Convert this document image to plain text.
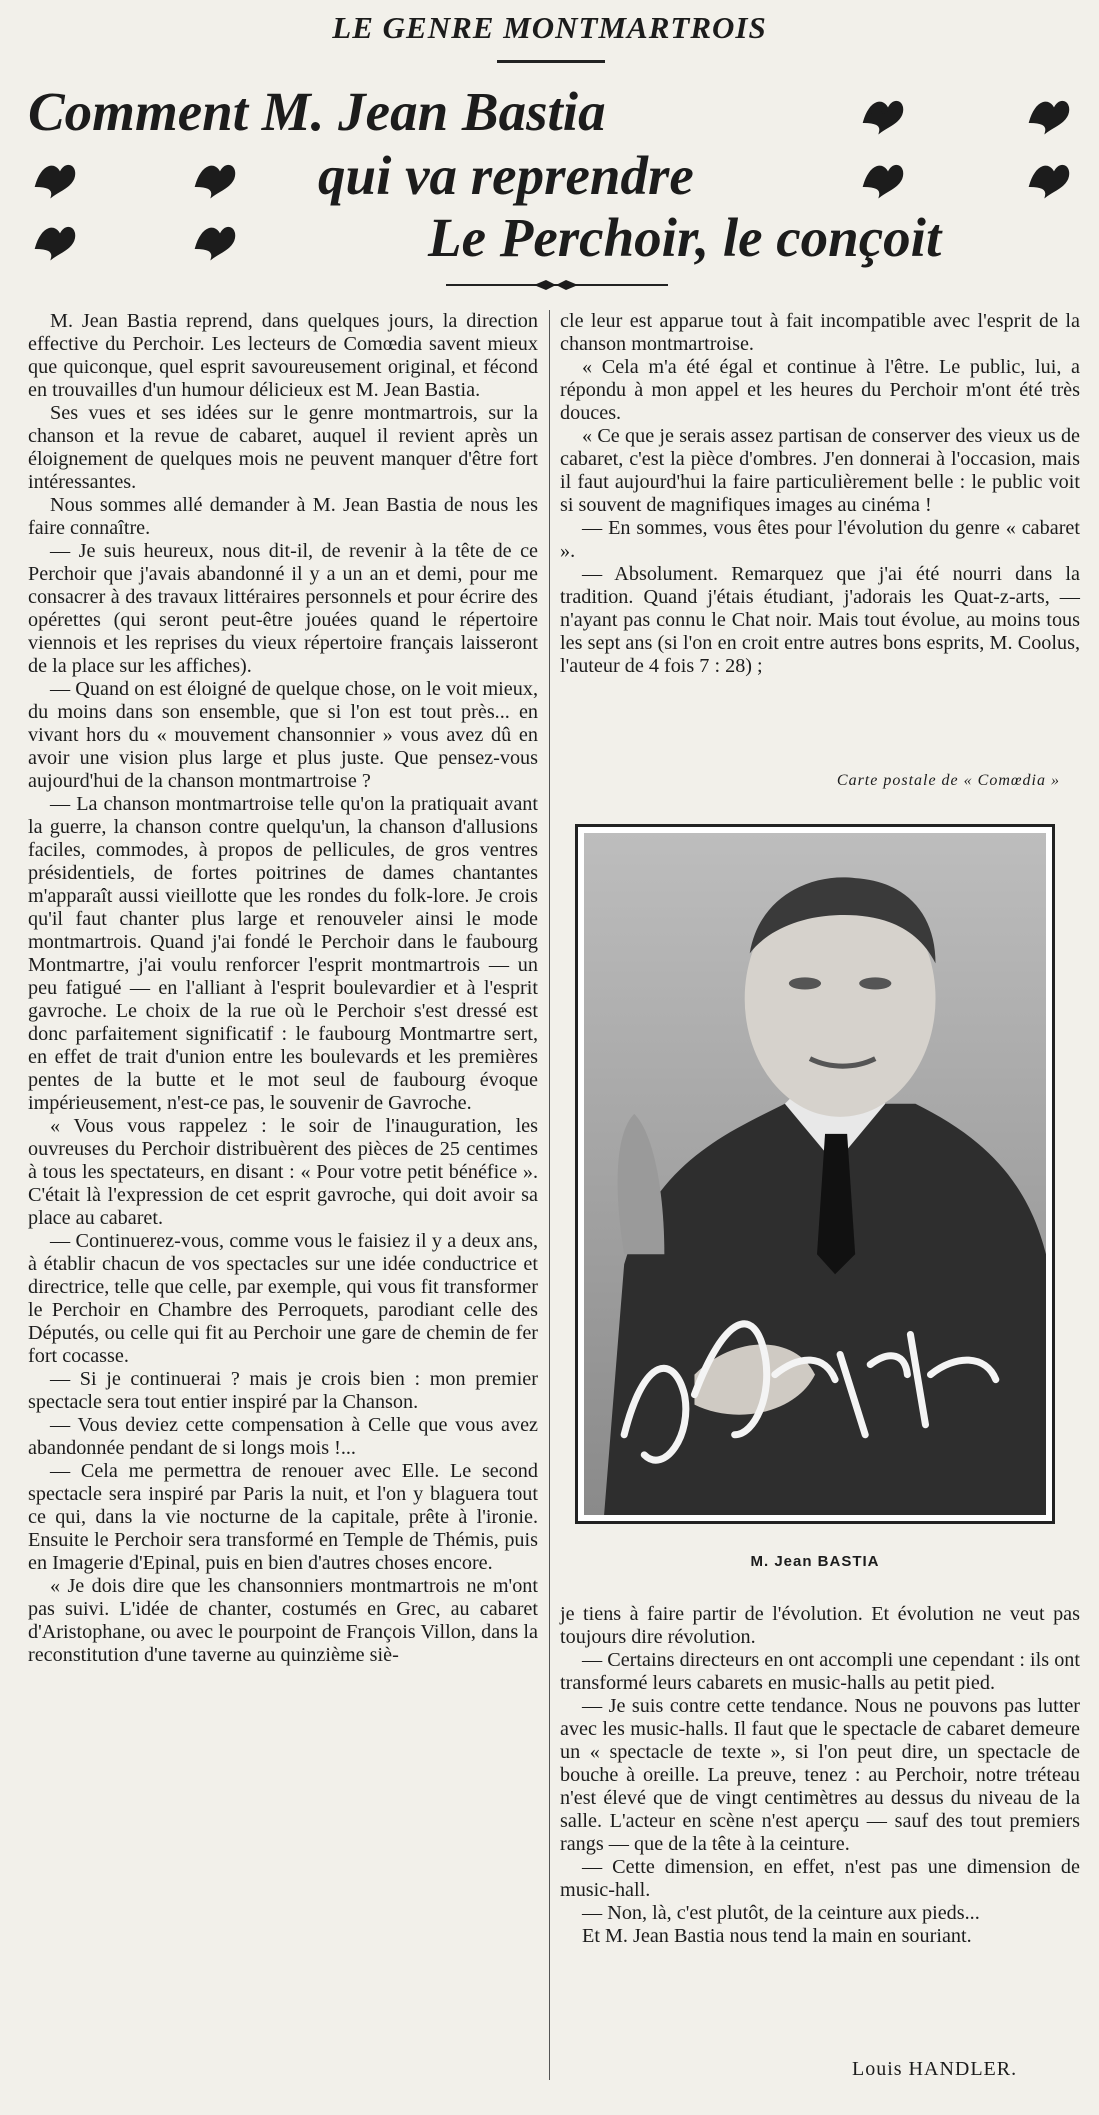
LE GENRE MONTMARTROIS
Comment M. Jean Bastia
qui va reprendre
Le Perchoir, le conçoit

M. Jean Bastia reprend, dans quelques jours, la direction effective du Perchoir. Les lecteurs de Comœdia savent mieux que quiconque, quel esprit savoureusement original, et fécond en trouvailles d'un humour délicieux est M. Jean Bastia.

Ses vues et ses idées sur le genre montmartrois, sur la chanson et la revue de cabaret, auquel il revient après un éloignement de quelques mois ne peuvent manquer d'être fort intéressantes.

Nous sommes allé demander à M. Jean Bastia de nous les faire connaître.

— Je suis heureux, nous dit-il, de revenir à la tête de ce Perchoir que j'avais abandonné il y a un an et demi, pour me consacrer à des travaux littéraires personnels et pour écrire des opérettes (qui seront peut-être jouées quand le répertoire viennois et les reprises du vieux répertoire français laisseront de la place sur les affiches).

— Quand on est éloigné de quelque chose, on le voit mieux, du moins dans son ensemble, que si l'on est tout près... en vivant hors du « mouvement chansonnier » vous avez dû en avoir une vision plus large et plus juste. Que pensez-vous aujourd'hui de la chanson montmartroise ?

— La chanson montmartroise telle qu'on la pratiquait avant la guerre, la chanson contre quelqu'un, la chanson d'allusions faciles, commodes, à propos de pellicules, de gros ventres présidentiels, de fortes poitrines de dames chantantes m'apparaît aussi vieillotte que les rondes du folk-lore. Je crois qu'il faut chanter plus large et renouveler ainsi le mode montmartrois. Quand j'ai fondé le Perchoir dans le faubourg Montmartre, j'ai voulu renforcer l'esprit montmartrois — un peu fatigué — en l'alliant à l'esprit boulevardier et à l'esprit gavroche. Le choix de la rue où le Perchoir s'est dressé est donc parfaitement significatif : le faubourg Montmartre sert, en effet de trait d'union entre les boulevards et les premières pentes de la butte et le mot seul de faubourg évoque impérieusement, n'est-ce pas, le souvenir de Gavroche.

« Vous vous rappelez : le soir de l'inauguration, les ouvreuses du Perchoir distribuèrent des pièces de 25 centimes à tous les spectateurs, en disant : « Pour votre petit bénéfice ». C'était là l'expression de cet esprit gavroche, qui doit avoir sa place au cabaret.

— Continuerez-vous, comme vous le faisiez il y a deux ans, à établir chacun de vos spectacles sur une idée conductrice et directrice, telle que celle, par exemple, qui vous fit transformer le Perchoir en Chambre des Perroquets, parodiant celle des Députés, ou celle qui fit au Perchoir une gare de chemin de fer fort cocasse.

— Si je continuerai ? mais je crois bien : mon premier spectacle sera tout entier inspiré par la Chanson.

— Vous deviez cette compensation à Celle que vous avez abandonnée pendant de si longs mois !...

— Cela me permettra de renouer avec Elle. Le second spectacle sera inspiré par Paris la nuit, et l'on y blaguera tout ce qui, dans la vie nocturne de la capitale, prête à l'ironie. Ensuite le Perchoir sera transformé en Temple de Thémis, puis en Imagerie d'Epinal, puis en bien d'autres choses encore.

« Je dois dire que les chansonniers montmartrois ne m'ont pas suivi. L'idée de chanter, costumés en Grec, au cabaret d'Aristophane, ou avec le pourpoint de François Villon, dans la reconstitution d'une taverne au quinzième siè-

cle leur est apparue tout à fait incompatible avec l'esprit de la chanson montmartroise.

« Cela m'a été égal et continue à l'être. Le public, lui, a répondu à mon appel et les heures du Perchoir m'ont été très douces.

« Ce que je serais assez partisan de conserver des vieux us de cabaret, c'est la pièce d'ombres. J'en donnerai à l'occasion, mais il faut aujourd'hui la faire particulièrement belle : le public voit si souvent de magnifiques images au cinéma !

— En sommes, vous êtes pour l'évolution du genre « cabaret ».

— Absolument. Remarquez que j'ai été nourri dans la tradition. Quand j'étais étudiant, j'adorais les Quat-z-arts, — n'ayant pas connu le Chat noir. Mais tout évolue, au moins tous les sept ans (si l'on en croit entre autres bons esprits, M. Coolus, l'auteur de 4 fois 7 : 28) ;

Carte postale de « Comœdia »
M. Jean BASTIA

je tiens à faire partir de l'évolution. Et évolution ne veut pas toujours dire révolution.

— Certains directeurs en ont accompli une cependant : ils ont transformé leurs cabarets en music-halls au petit pied.

— Je suis contre cette tendance. Nous ne pouvons pas lutter avec les music-halls. Il faut que le spectacle de cabaret demeure un « spectacle de texte », si l'on peut dire, un spectacle de bouche à oreille. La preuve, tenez : au Perchoir, notre tréteau n'est élevé que de vingt centimètres au dessus du niveau de la salle. L'acteur en scène n'est aperçu — sauf des tout premiers rangs — que de la tête à la ceinture.

— Cette dimension, en effet, n'est pas une dimension de music-hall.

— Non, là, c'est plutôt, de la ceinture aux pieds...

Et M. Jean Bastia nous tend la main en souriant.

Louis HANDLER.
